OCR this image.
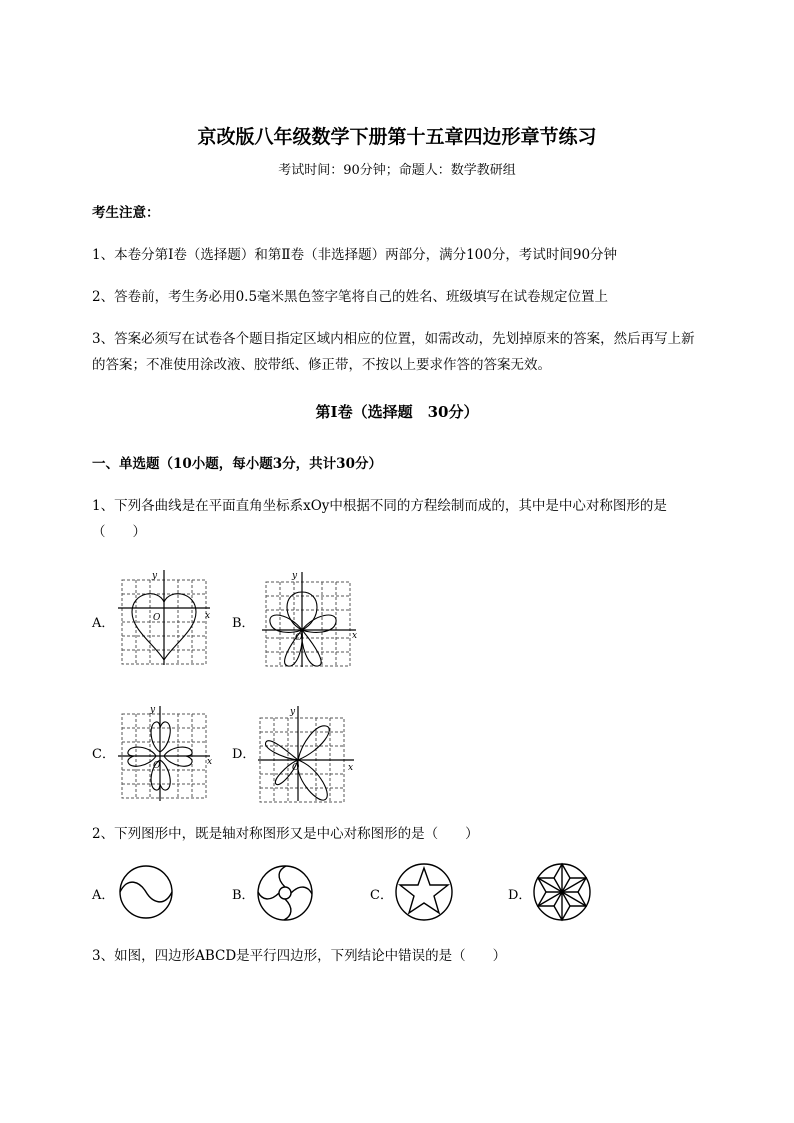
京改版八年级数学下册第十五章四边形章节练习
考试时间：90分钟；命题人：数学教研组
考生注意：
1、本卷分第Ⅰ卷（选择题）和第Ⅱ卷（非选择题）两部分，满分100分，考试时间90分钟
2、答卷前，考生务必用0.5毫米黑色签字笔将自己的姓名、班级填写在试卷规定位置上
3、答案必须写在试卷各个题目指定区域内相应的位置，如需改动，先划掉原来的答案，然后再写上新
的答案；不准使用涂改液、胶带纸、修正带，不按以上要求作答的答案无效。
第Ⅰ卷（选择题　30分）
一、单选题（10小题，每小题3分，共计30分）
1、下列各曲线是在平面直角坐标系xOy中根据不同的方程绘制而成的，其中是中心对称图形的是
（　　）
A．	B．
C．	D．
y
x
O
y
x
O
y
x
O
y
x
O
2、下列图形中，既是轴对称图形又是中心对称图形的是（　　）
A．	B．	C．	D．
3、如图，四边形ABCD是平行四边形，下列结论中错误的是（　　）
